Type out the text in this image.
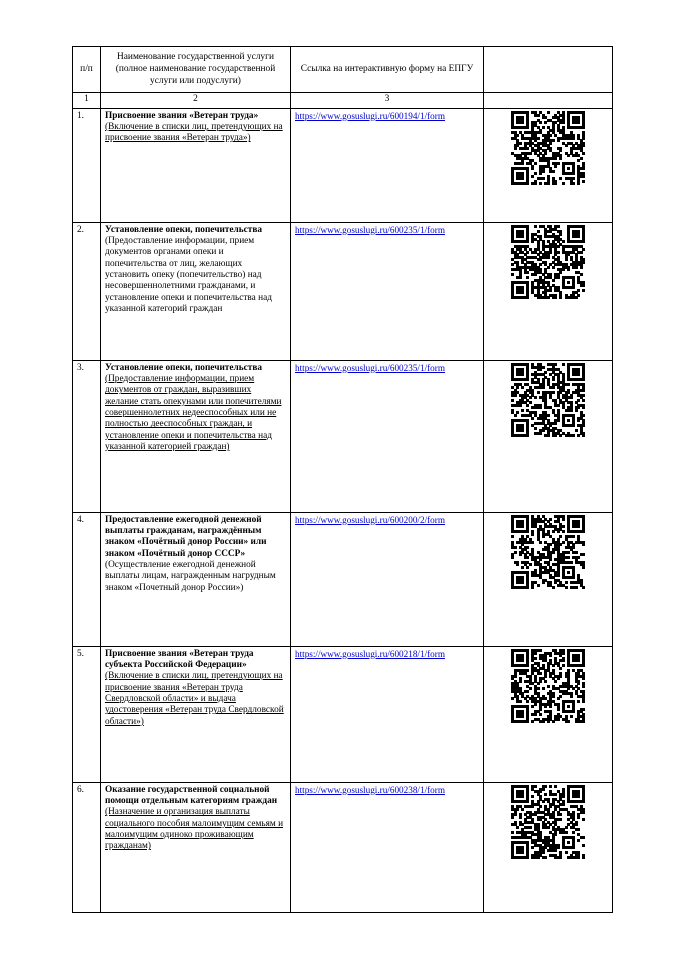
п/п	Наименование государственной услуги (полное наименование государственной услуги или подуслуги)	Ссылка на интерактивную форму на ЕПГУ	
1	2	3	
1.	Присвоение звания «Ветеран труда»
(Включение в списки лиц, претендующих на присвоение звания «Ветеран труда»)	https://www.gosuslugi.ru/600194/1/form	

2.	Установление опеки, попечительства
(Предоставление информации, прием документов органами опеки и попечительства от лиц, желающих установить опеку (попечительство) над несовершеннолетними гражданами, и установление опеки и попечительства над указанной категорий граждан	https://www.gosuslugi.ru/600235/1/form	

3.	Установление опеки, попечительства
(Предоставление информации, прием документов от граждан, выразивших желание стать опекунами или попечителями совершеннолетних недееспособных или не полностью дееспособных граждан, и установление опеки и попечительства над указанной категорией граждан)	https://www.gosuslugi.ru/600235/1/form	

4.	Предоставление ежегодной денежной выплаты гражданам, награждённым знаком «Почётный донор России» или знаком «Почётный донор СССР»
(Осуществление ежегодной денежной выплаты лицам, награжденным нагрудным знаком «Почетный донор России»)	https://www.gosuslugi.ru/600200/2/form	

5.	Присвоение звания «Ветеран труда субъекта Российской Федерации»
(Включение в списки лиц, претендующих на присвоение звания «Ветеран труда Свердловской области» и выдача удостоверения «Ветеран труда Свердловской области»)	https://www.gosuslugi.ru/600218/1/form	

6.	Оказание государственной социальной помощи отдельным категориям граждан
(Назначение и организация выплаты социального пособия малоимущим семьям и малоимущим одиноко проживающим гражданам)	https://www.gosuslugi.ru/600238/1/form	
